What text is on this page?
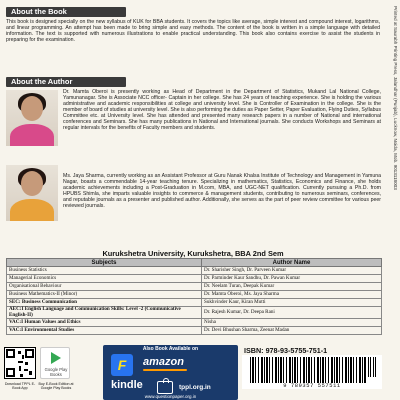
About the Book
This book is designed specially on the new syllabus of KUK for BBA students. It covers the topics like average, simple interest and compound interest, logarithms, and linear programming. An attempt has been made to bring simple and easy methods. The content of the book is written in a simple language with detailed information. The text is supported with numerous illustrations to enable practical understanding. This book also contains exercise to assist the students in preparing for the examination.
About the Author
Dr. Mamta Oberoi is presently working as Head of Department in the Department of Statistics, Mukand Lal National College, Yamunanagar. She is Associate NCC officer- Captain in her college. She has 24 years of teaching experience. She is holding the various administrative and academic responsibilities at college and university level. She is Controller of Examination in the college. She is the member of board of studies at university level. She is also performing the duties as Paper Setter, Paper Evaluation, Flying Duties, Syllabus Committee etc. at University level. She has attended and presented many research papers in a number of National and international conferences and Seminars. She has many publications in National and International journals. She conducts Workshops and Seminars at regular intervals for the benefits of Faculty members and students.
Ms. Jaya Sharma, currently working as an Assistant Professor at Guru Nanak Khalsa Institute of Technology and Management in Yamuna Nagar, boasts a commendable 14-year teaching tenure. Specializing in mathematics, Statistics, Economics and Finance, she holds academic achievements including a Post-Graduation in M.com, MBA, and UGC-NET qualification. Currently pursuing a Ph.D. from HPUBS Shimla, she imparts valuable insights to commerce & management students, contributing to numerous seminars, conferences, and reputable journals as a presenter and published author. Additionally, she serves as the part of peer review committee for various peer reviewed journals.
Printed at Saurabh Printing Press, Jalandhar (Punjab), Lucknow, Noida, Mob. 9013118003
Kurukshetra University, Kurukshetra, BBA 2nd Sem
Subjects	Author Name
Business Statistics	Dr. Sharisher Singh, Dr. Parveen Kumar
Managerial Economics	Dr. Parminder Kaur Sandhu, Dr. Pawan Kumar
Organisational Behaviour	Dr. Neelam Turan, Deepak Kumar
Business Mathematics-II (Minor)	Dr. Mamta Oberoi, Ms. Jaya Sharma
SEC: Business Communication	Sukhvinder Kaur, Kiran Mutti
AEC:I English Language and Communication Skills: Level -2 (Communicative English-II)	Dr. Rajesh Kumar, Dr. Deepa Rani
VAC:I Human Values and Ethics	Nisha
VAC:I Environmental Studies	Dr. Devi Bhushan Sharma, Zeenat Madan
Download TPPL E-Book App
Google Play Books
Buy E-Book Edition at Google Play Books
Also Book Available on
F	amazon
kindle	tppl.org.in
www.questionpaper.org.in
ISBN: 978-93-5755-751-1
9 789357 557511
